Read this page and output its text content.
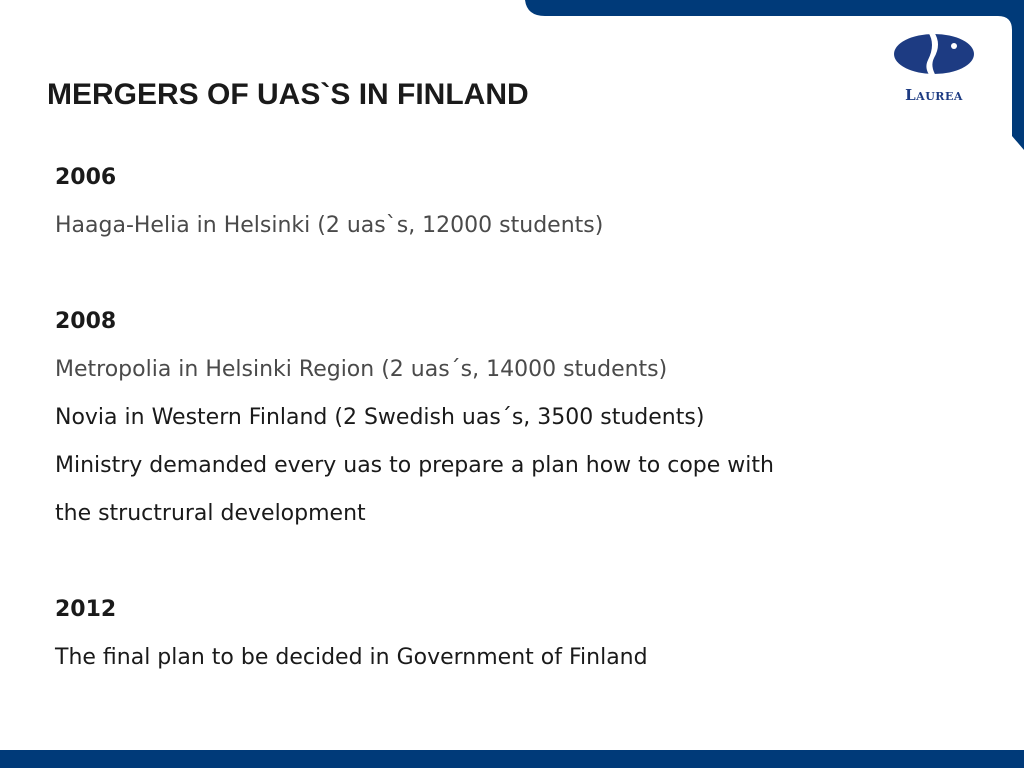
Laurea
MERGERS OF UAS`S IN FINLAND
2006
Haaga-Helia in Helsinki (2 uas`s, 12000 students)
2008
Metropolia in Helsinki Region (2 uas´s, 14000 students)
Novia in Western Finland (2 Swedish uas´s, 3500 students)
Ministry demanded every uas to prepare a plan how to cope with
the structrural development
2012
The final plan to be decided in Government of Finland
